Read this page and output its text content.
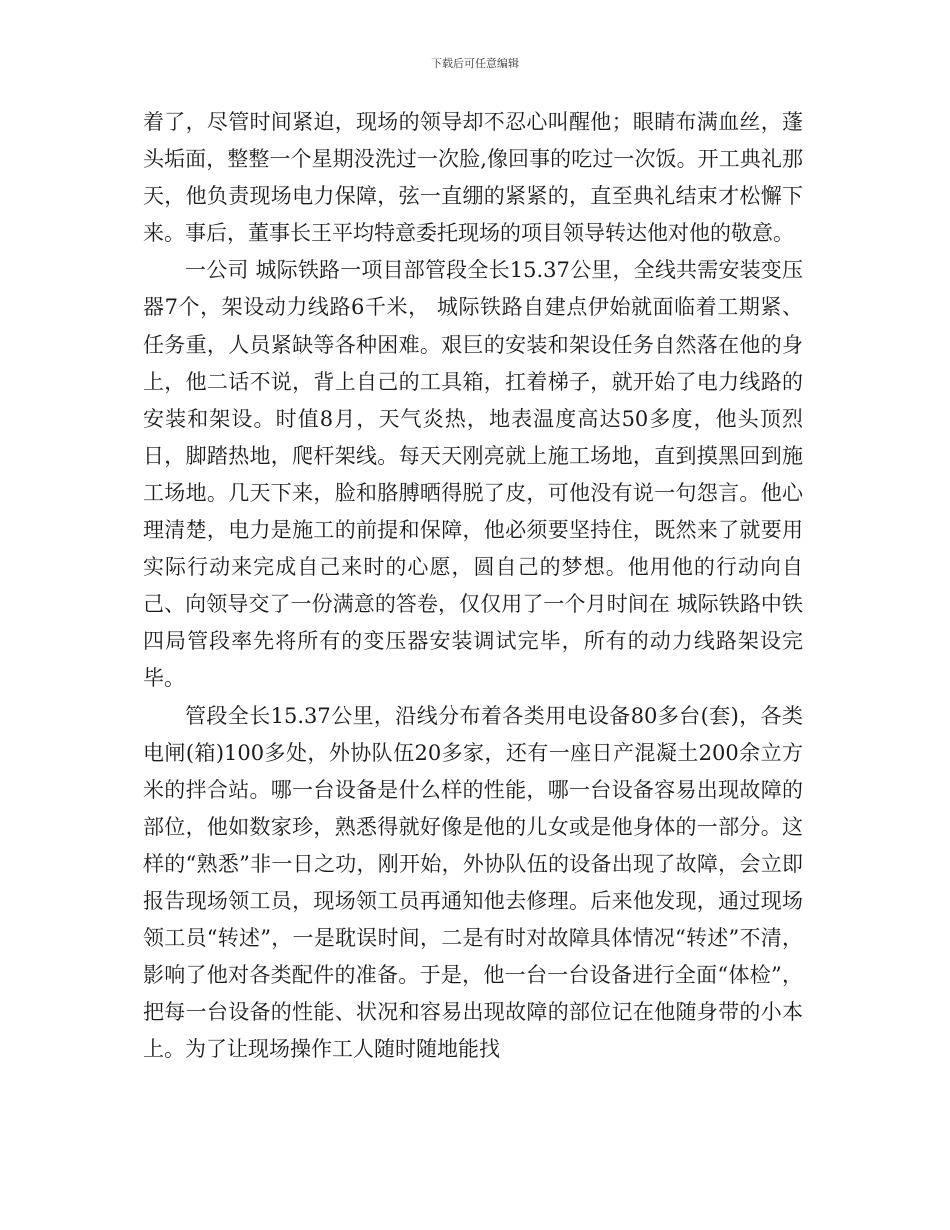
下载后可任意编辑

着了，尽管时间紧迫，现场的领导却不忍心叫醒他；眼睛布满血丝，蓬头垢面，整整一个星期没洗过一次脸,像回事的吃过一次饭。开工典礼那天，他负责现场电力保障，弦一直绷的紧紧的，直至典礼结束才松懈下来。事后，董事长王平均特意委托现场的项目领导转达他对他的敬意。

一公司 城际铁路一项目部管段全长15.37公里，全线共需安装变压器7个，架设动力线路6千米， 城际铁路自建点伊始就面临着工期紧、任务重，人员紧缺等各种困难。艰巨的安装和架设任务自然落在他的身上，他二话不说，背上自己的工具箱，扛着梯子，就开始了电力线路的安装和架设。时值8月，天气炎热，地表温度高达50多度，他头顶烈日，脚踏热地，爬杆架线。每天天刚亮就上施工场地，直到摸黑回到施工场地。几天下来，脸和胳膊晒得脱了皮，可他没有说一句怨言。他心理清楚，电力是施工的前提和保障，他必须要坚持住，既然来了就要用实际行动来完成自己来时的心愿，圆自己的梦想。他用他的行动向自己、向领导交了一份满意的答卷，仅仅用了一个月时间在 城际铁路中铁四局管段率先将所有的变压器安装调试完毕，所有的动力线路架设完毕。

管段全长15.37公里，沿线分布着各类用电设备80多台(套)，各类电闸(箱)100多处，外协队伍20多家，还有一座日产混凝土200余立方米的拌合站。哪一台设备是什么样的性能，哪一台设备容易出现故障的部位，他如数家珍，熟悉得就好像是他的儿女或是他身体的一部分。这样的“熟悉”非一日之功，刚开始，外协队伍的设备出现了故障，会立即报告现场领工员，现场领工员再通知他去修理。后来他发现，通过现场领工员“转述”，一是耽误时间，二是有时对故障具体情况“转述”不清，影响了他对各类配件的准备。于是，他一台一台设备进行全面“体检”，把每一台设备的性能、状况和容易出现故障的部位记在他随身带的小本上。为了让现场操作工人随时随地能找
